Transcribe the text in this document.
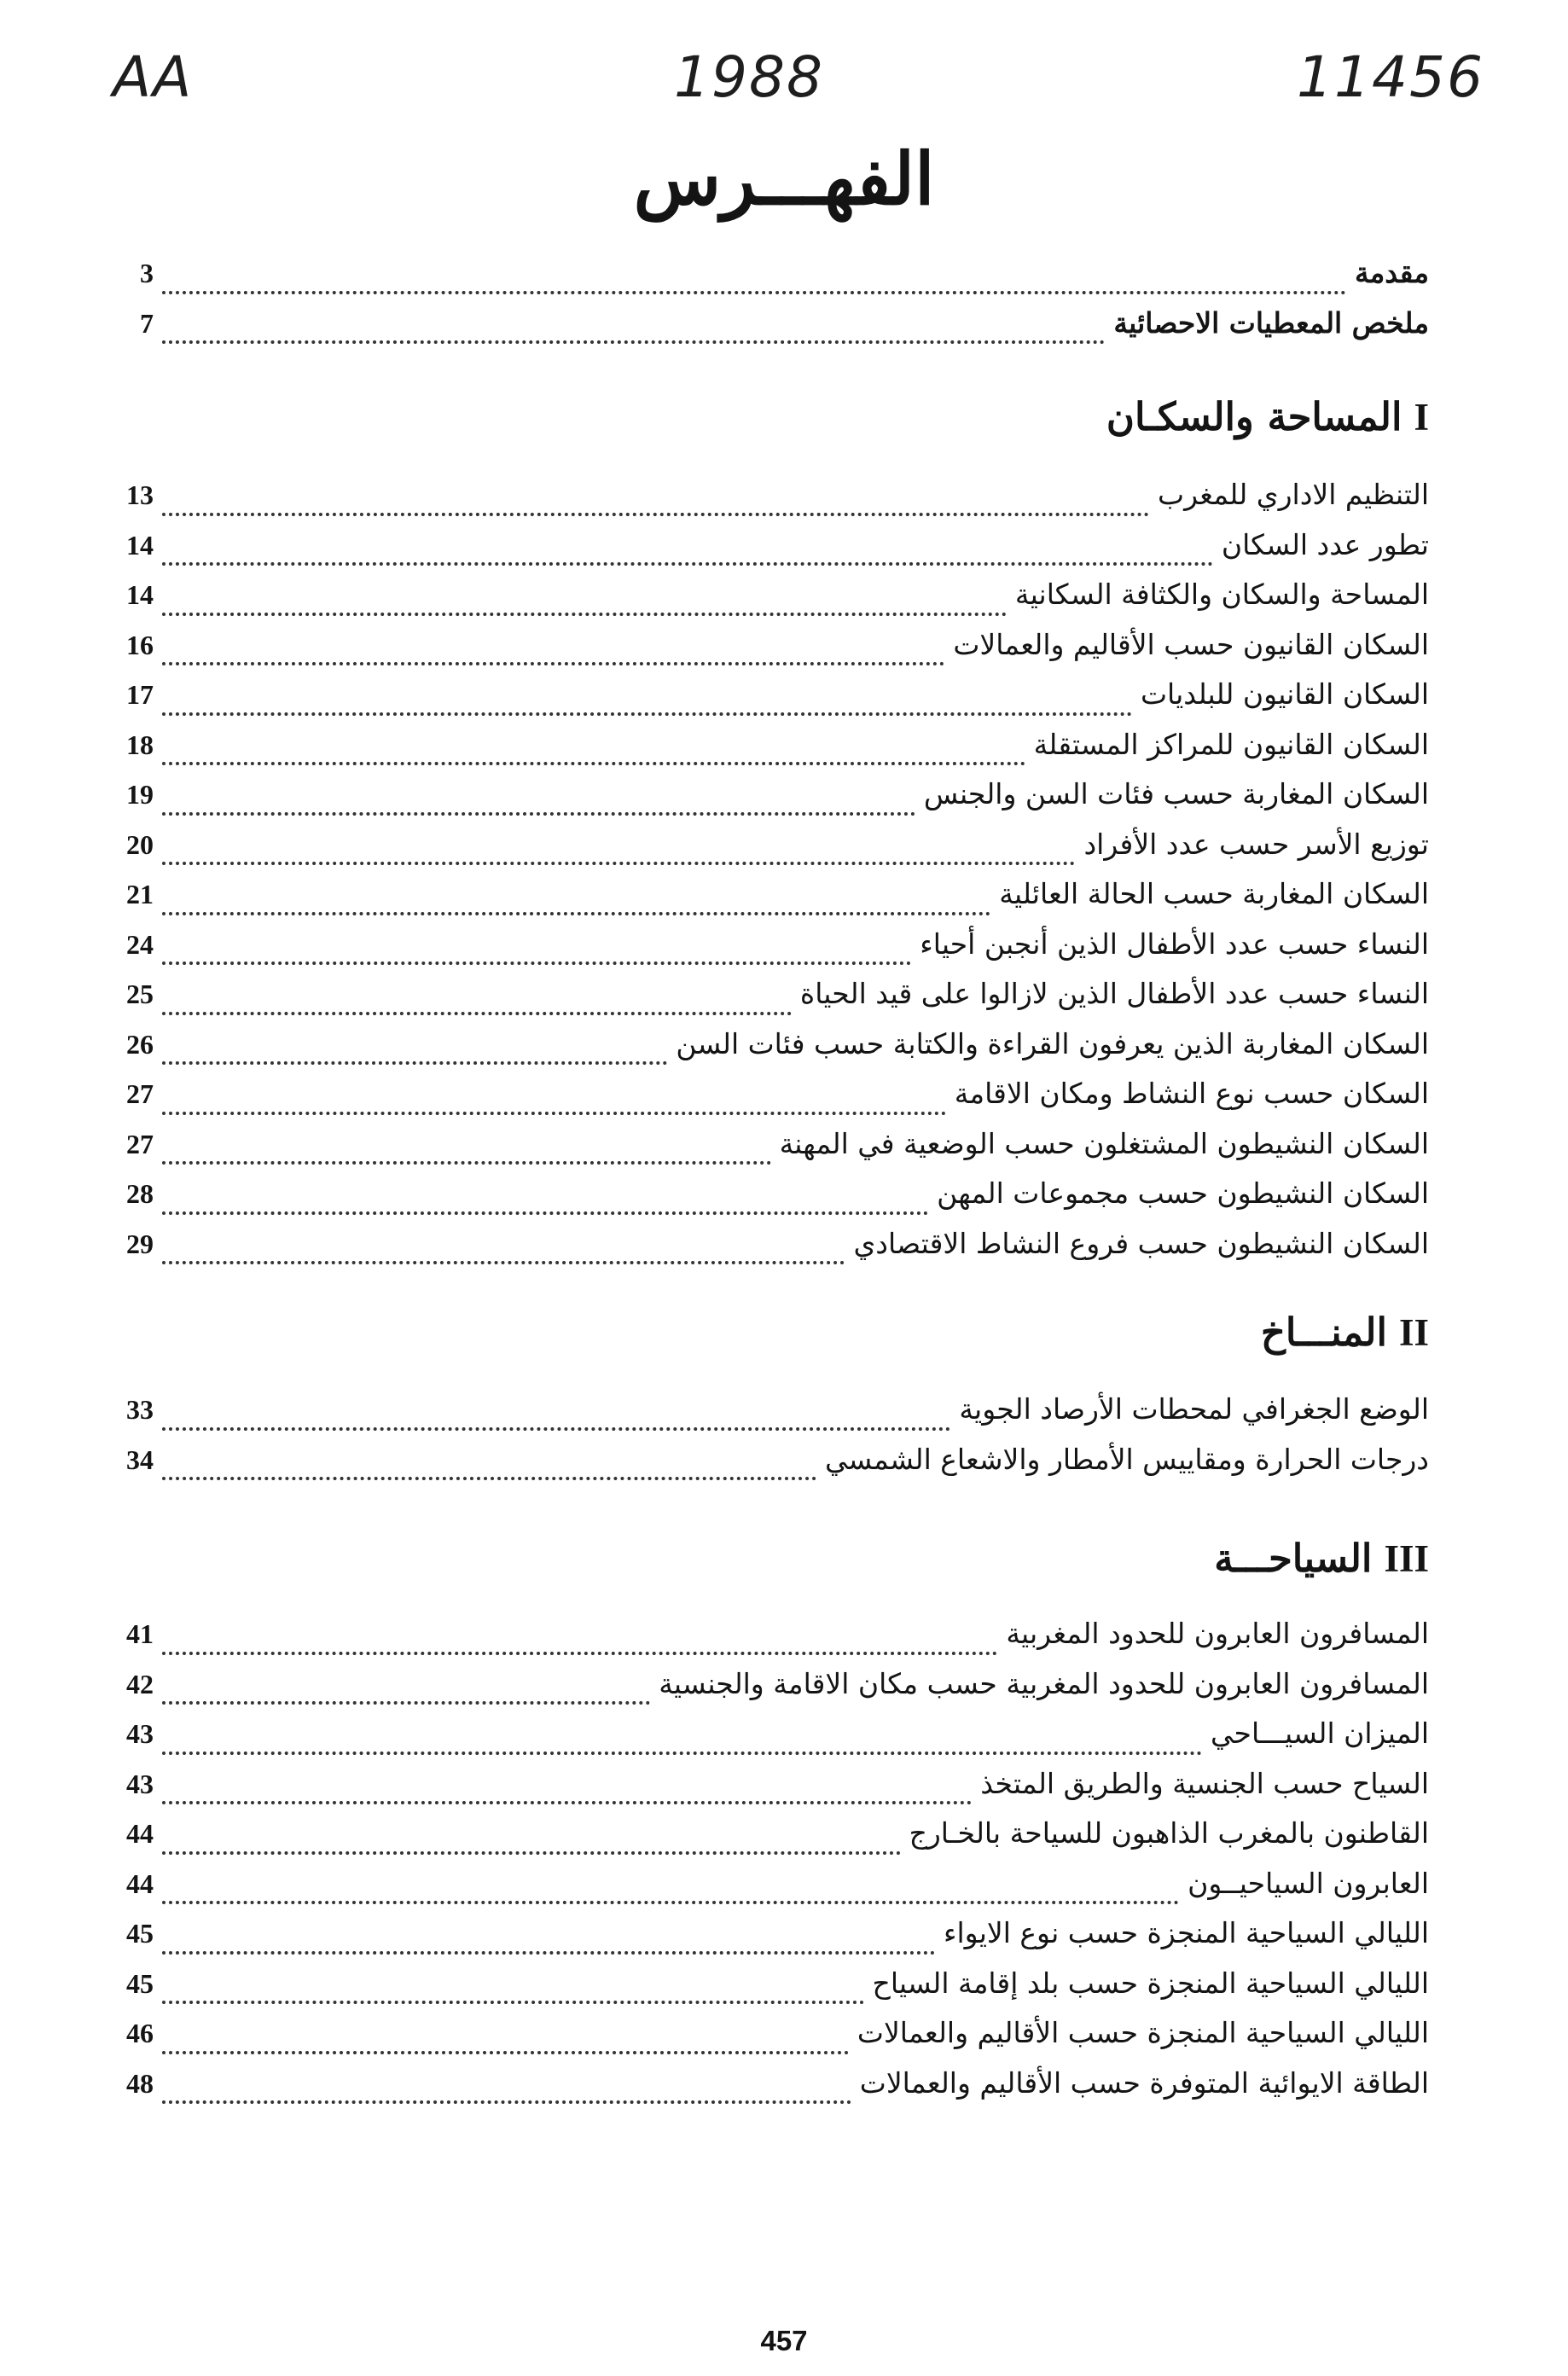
AA	1988	11456
الفهـــرس
مقدمة
3
ملخص المعطيات الاحصائية
7
Iالمساحة والسكـان
التنظيم الاداري للمغرب
13
تطور عدد السكان
14
المساحة والسكان والكثافة السكانية
14
السكان القانيون حسب الأقاليم والعمالات
16
السكان القانيون للبلديات
17
السكان القانيون للمراكز المستقلة
18
السكان المغاربة حسب فئات السن والجنس
19
توزيع الأسر حسب عدد الأفراد
20
السكان المغاربة حسب الحالة العائلية
21
النساء حسب عدد الأطفال الذين أنجبن أحياء
24
النساء حسب عدد الأطفال الذين لازالوا على قيد الحياة
25
السكان المغاربة الذين يعرفون القراءة والكتابة حسب فئات السن
26
السكان حسب نوع النشاط ومكان الاقامة
27
السكان النشيطون المشتغلون حسب الوضعية في المهنة
27
السكان النشيطون حسب مجموعات المهن
28
السكان النشيطون حسب فروع النشاط الاقتصادي
29
IIالمنـــاخ
الوضع الجغرافي لمحطات الأرصاد الجوية
33
درجات الحرارة ومقاييس الأمطار والاشعاع الشمسي
34
IIIالسياحـــة
المسافرون العابرون للحدود المغربية
41
المسافرون العابرون للحدود المغربية حسب مكان الاقامة والجنسية
42
الميزان السيـــاحي
43
السياح حسب الجنسية والطريق المتخذ
43
القاطنون بالمغرب الذاهبون للسياحة بالخـارج
44
العابرون السياحيــون
44
الليالي السياحية المنجزة حسب نوع الايواء
45
الليالي السياحية المنجزة حسب بلد إقامة السياح
45
الليالي السياحية المنجزة حسب الأقاليم والعمالات
46
الطاقة الايوائية المتوفرة حسب الأقاليم والعمالات
48
457
